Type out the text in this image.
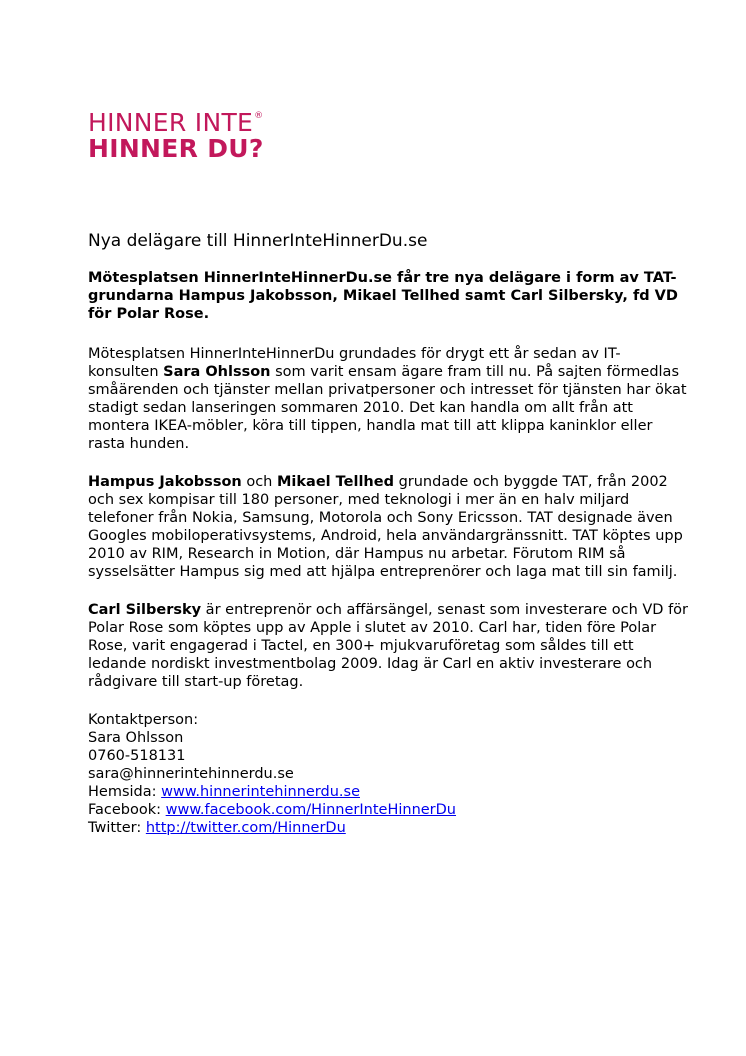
HINNER INTE®
HINNER DU?
Nya delägare till HinnerInteHinnerDu.se
Mötesplatsen HinnerInteHinnerDu.se får tre nya delägare i form av TAT-grundarna Hampus Jakobsson, Mikael Tellhed samt Carl Silbersky, fd VD för Polar Rose.

Mötesplatsen HinnerInteHinnerDu grundades för drygt ett år sedan av IT-konsulten Sara Ohlsson som varit ensam ägare fram till nu. På sajten förmedlas småärenden och tjänster mellan privatpersoner och intresset för tjänsten har ökat stadigt sedan lanseringen sommaren 2010. Det kan handla om allt från att montera IKEA-möbler, köra till tippen, handla mat till att klippa kaninklor eller rasta hunden.

Hampus Jakobsson och Mikael Tellhed grundade och byggde TAT, från 2002 och sex kompisar till 180 personer, med teknologi i mer än en halv miljard telefoner från Nokia, Samsung, Motorola och Sony Ericsson. TAT designade även Googles mobiloperativsystems, Android, hela användargränssnitt. TAT köptes upp 2010 av RIM, Research in Motion, där Hampus nu arbetar. Förutom RIM så sysselsätter Hampus sig med att hjälpa entreprenörer och laga mat till sin familj.

Carl Silbersky är entreprenör och affärsängel, senast som investerare och VD för Polar Rose som köptes upp av Apple i slutet av 2010. Carl har, tiden före Polar Rose, varit engagerad i Tactel, en 300+ mjukvaruföretag som såldes till ett ledande nordiskt investmentbolag 2009. Idag är Carl en aktiv investerare och rådgivare till start-up företag.

Kontaktperson:
Sara Ohlsson
0760-518131
sara@hinnerintehinnerdu.se
Hemsida: www.hinnerintehinnerdu.se
Facebook: www.facebook.com/HinnerInteHinnerDu
Twitter: http://twitter.com/HinnerDu
